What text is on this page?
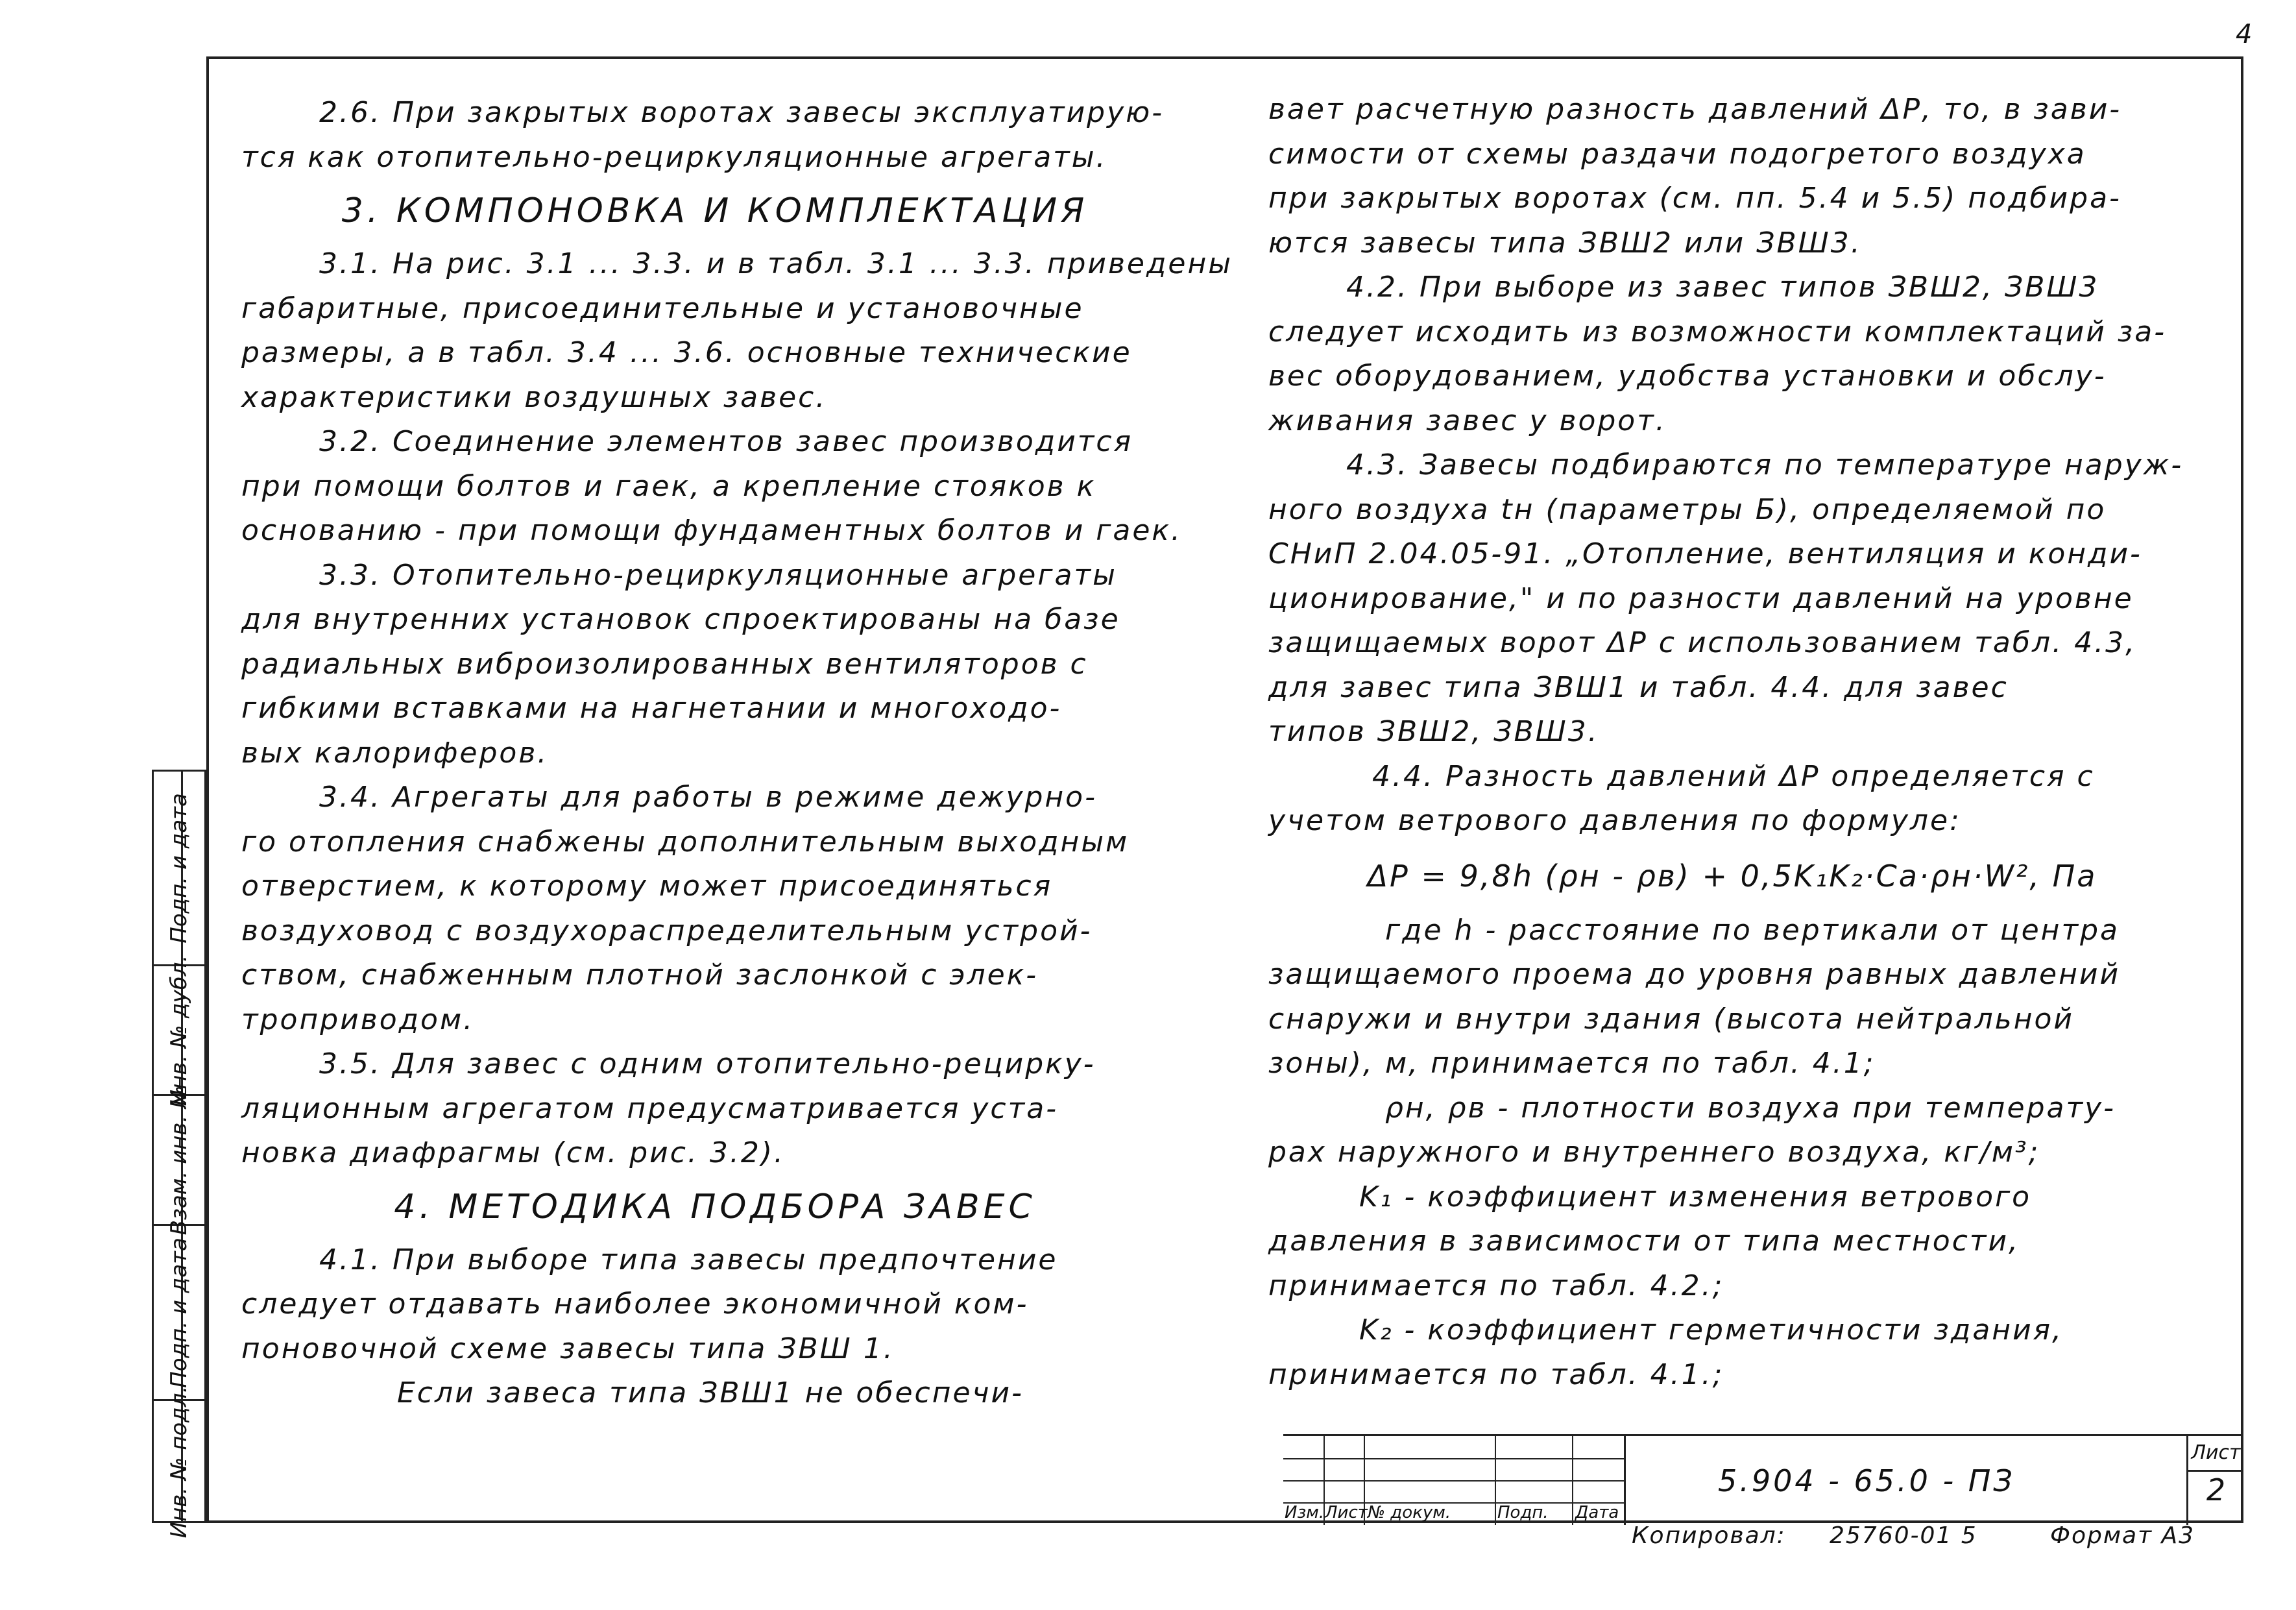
4

2.6. При закрытых воротах завесы эксплуатирую-

тся как отопительно-рециркуляционные агрегаты.

3. КОМПОНОВКА И КОМПЛЕКТАЦИЯ

3.1. На рис. 3.1 ... 3.3. и в табл. 3.1 ... 3.3. приведены

габаритные, присоединительные и установочные

размеры, а в табл. 3.4 ... 3.6. основные технические

характеристики воздушных завес.

3.2. Соединение элементов завес производится

при помощи болтов и гаек, а крепление стояков к

основанию - при помощи фундаментных болтов и гаек.

3.3. Отопительно-рециркуляционные агрегаты

для внутренних установок спроектированы на базе

радиальных виброизолированных вентиляторов с

гибкими вставками на нагнетании и многоходо-

вых калориферов.

3.4. Агрегаты для работы в режиме дежурно-

го отопления снабжены дополнительным выходным

отверстием, к которому может присоединяться

воздуховод с воздухораспределительным устрой-

ством, снабженным плотной заслонкой с элек-

троприводом.

3.5. Для завес с одним отопительно-рецирку-

ляционным агрегатом предусматривается уста-

новка диафрагмы (см. рис. 3.2).

4. МЕТОДИКА ПОДБОРА ЗАВЕС

4.1. При выборе типа завесы предпочтение

следует отдавать наиболее экономичной ком-

поновочной схеме завесы типа ЗВШ 1.

Если завеса типа ЗВШ1 не обеспечи-

вает расчетную разность давлений ΔР, то, в зави-

симости от схемы раздачи подогретого воздуха

при закрытых воротах (см. пп. 5.4 и 5.5) подбира-

ются завесы типа ЗВШ2 или ЗВШ3.

4.2. При выборе из завес типов ЗВШ2, ЗВШ3

следует исходить из возможности комплектаций за-

вес оборудованием, удобства установки и обслу-

живания завес у ворот.

4.3. Завесы подбираются по температуре наруж-

ного воздуха tн (параметры Б), определяемой по

СНиП 2.04.05-91. „Отопление, вентиляция и конди-

ционирование," и по разности давлений на уровне

защищаемых ворот ΔР с использованием табл. 4.3,

для завес типа ЗВШ1 и табл. 4.4. для завес

типов ЗВШ2, ЗВШ3.

4.4. Разность давлений ΔР определяется с

учетом ветрового давления по формуле:

ΔР = 9,8h (ρн - ρв) + 0,5K₁K₂·Cа·ρн·W², Па

где h - расстояние по вертикали от центра

защищаемого проема до уровня равных давлений

снаружи и внутри здания (высота нейтральной

зоны), м, принимается по табл. 4.1;

ρн, ρв - плотности воздуха при температу-

рах наружного и внутреннего воздуха, кг/м³;

K₁ - коэффициент изменения ветрового

давления в зависимости от типа местности,

принимается по табл. 4.2.;

K₂ - коэффициент герметичности здания,

принимается по табл. 4.1.;

Подп. и дата
Инв. № дубл.
Взам. инв. №
Подп. и дата
Инв. № подл.	Изм. Лист № докум.	Подп. Дата
5.904 - 65.0 - ПЗ
Лист
2
Копировал: 25760-01 5	Формат А3
